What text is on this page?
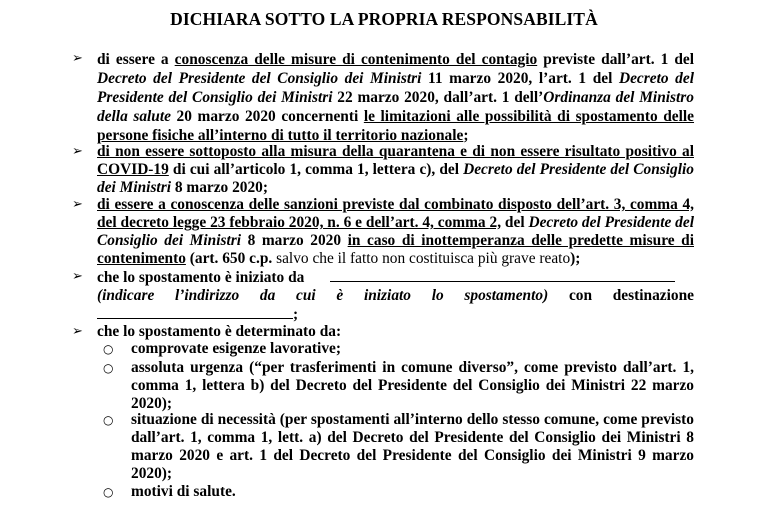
DICHIARA SOTTO LA PROPRIA RESPONSABILITÀ
➢ di essere a conoscenza delle misure di contenimento del contagio previste dall’art. 1 del Decreto del Presidente del Consiglio dei Ministri 11 marzo 2020, l’art. 1 del Decreto del Presidente del Consiglio dei Ministri 22 marzo 2020, dall’art. 1 dell’Ordinanza del Ministro della salute 20 marzo 2020 concernenti le limitazioni alle possibilità di spostamento delle persone fisiche all’interno di tutto il territorio nazionale;
➢ di non essere sottoposto alla misura della quarantena e di non essere risultato positivo al COVID-19 di cui all’articolo 1, comma 1, lettera c), del Decreto del Presidente del Consiglio dei Ministri 8 marzo 2020;
➢ di essere a conoscenza delle sanzioni previste dal combinato disposto dell’art. 3, comma 4, del decreto legge 23 febbraio 2020, n. 6 e dell’art. 4, comma 2, del Decreto del Presidente del Consiglio dei Ministri 8 marzo 2020 in caso di inottemperanza delle predette misure di contenimento (art. 650 c.p. salvo che il fatto non costituisca più grave reato);
➢ che lo spostamento è iniziato da
(indicare l’indirizzo da cui è iniziato lo spostamento) con destinazione
;
➢ che lo spostamento è determinato da:
○ comprovate esigenze lavorative;
○ assoluta urgenza (“per trasferimenti in comune diverso”, come previsto dall’art. 1, comma 1, lettera b) del Decreto del Presidente del Consiglio dei Ministri 22 marzo 2020);
○ situazione di necessità (per spostamenti all’interno dello stesso comune, come previsto dall’art. 1, comma 1, lett. a) del Decreto del Presidente del Consiglio dei Ministri 8 marzo 2020 e art. 1 del Decreto del Presidente del Consiglio dei Ministri 9 marzo 2020);
○ motivi di salute.
